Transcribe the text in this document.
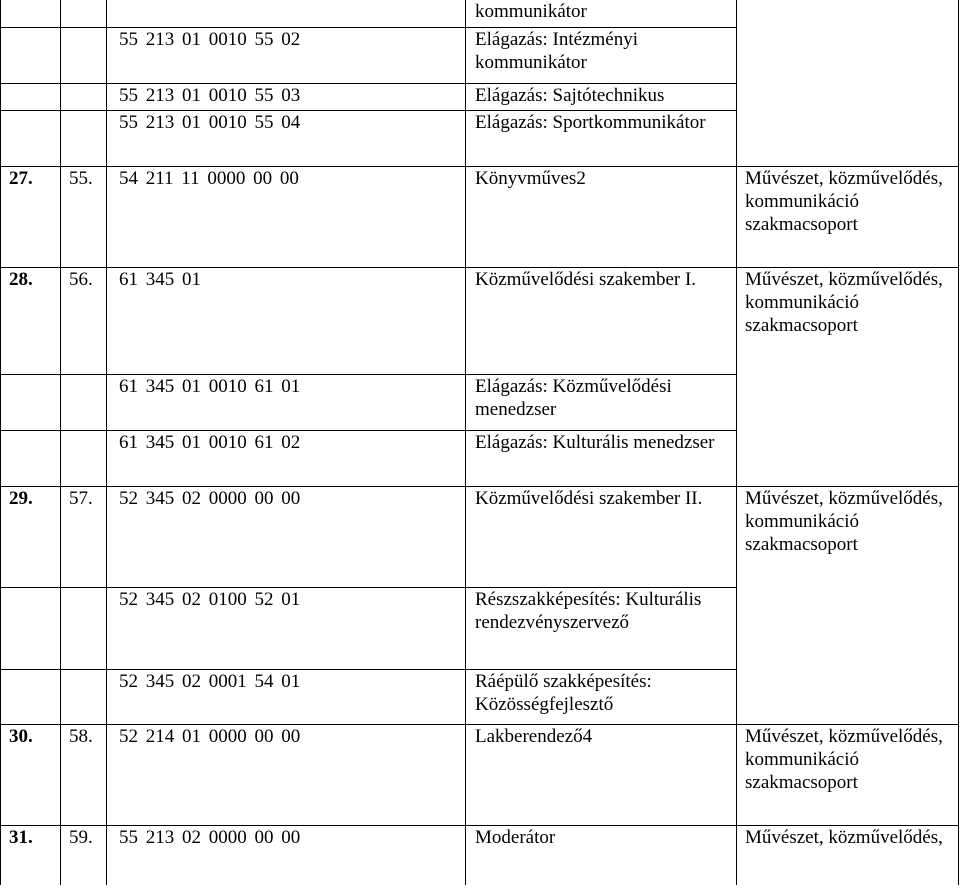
			kommunikátor	
		55 213 01 0010 55 02	Elágazás: Intézményi kommunikátor	
		55 213 01 0010 55 03	Elágazás: Sajtótechnikus	
		55 213 01 0010 55 04	Elágazás: Sportkommunikátor	
27.	55.	54 211 11 0000 00 00	Könyvműves2	Művészet, közművelődés, kommunikáció szakmacsoport
28.	56.	61 345 01	Közművelődési szakember I.	Művészet, közművelődés, kommunikáció szakmacsoport
		61 345 01 0010 61 01	Elágazás: Közművelődési menedzser	
		61 345 01 0010 61 02	Elágazás: Kulturális menedzser	
29.	57.	52 345 02 0000 00 00	Közművelődési szakember II.	Művészet, közművelődés, kommunikáció szakmacsoport
		52 345 02 0100 52 01	Részszakképesítés: Kulturális rendezvényszervező	
		52 345 02 0001 54 01	Ráépülő szakképesítés: Közösségfejlesztő	
30.	58.	52 214 01 0000 00 00	Lakberendező4	Művészet, közművelődés, kommunikáció szakmacsoport
31.	59.	55 213 02 0000 00 00	Moderátor	Művészet, közművelődés,
